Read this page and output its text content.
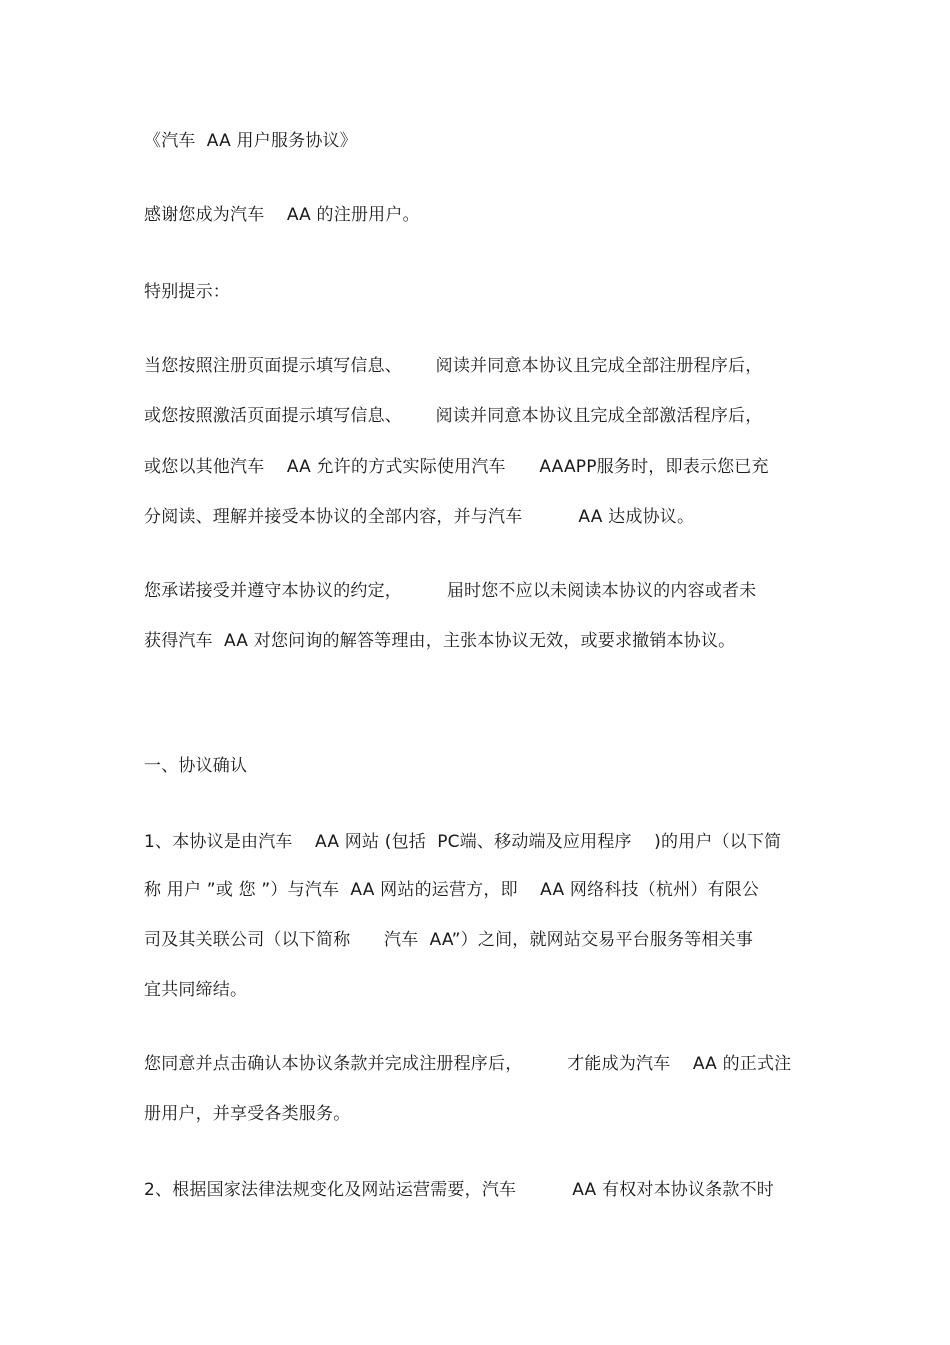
《汽车  AA 用户服务协议》
感谢您成为汽车    AA 的注册用户。
特别提示：
当您按照注册页面提示填写信息、      阅读并同意本协议且完成全部注册程序后，
或您按照激活页面提示填写信息、      阅读并同意本协议且完成全部激活程序后，
或您以其他汽车    AA 允许的方式实际使用汽车      AAAPP服务时，即表示您已充
分阅读、理解并接受本协议的全部内容，并与汽车          AA 达成协议。
您承诺接受并遵守本协议的约定，        届时您不应以未阅读本协议的内容或者未
获得汽车  AA 对您问询的解答等理由，主张本协议无效，或要求撤销本协议。
一、协议确认
1、本协议是由汽车    AA 网站 (包括  PC端、移动端及应用程序    )的用户（以下简
称 用户 ”或 您 ”）与汽车  AA 网站的运营方，即    AA 网络科技（杭州）有限公
司及其关联公司（以下简称      汽车  AA”）之间，就网站交易平台服务等相关事
宜共同缔结。
您同意并点击确认本协议条款并完成注册程序后，        才能成为汽车    AA 的正式注
册用户，并享受各类服务。
2、根据国家法律法规变化及网站运营需要，汽车          AA 有权对本协议条款不时
